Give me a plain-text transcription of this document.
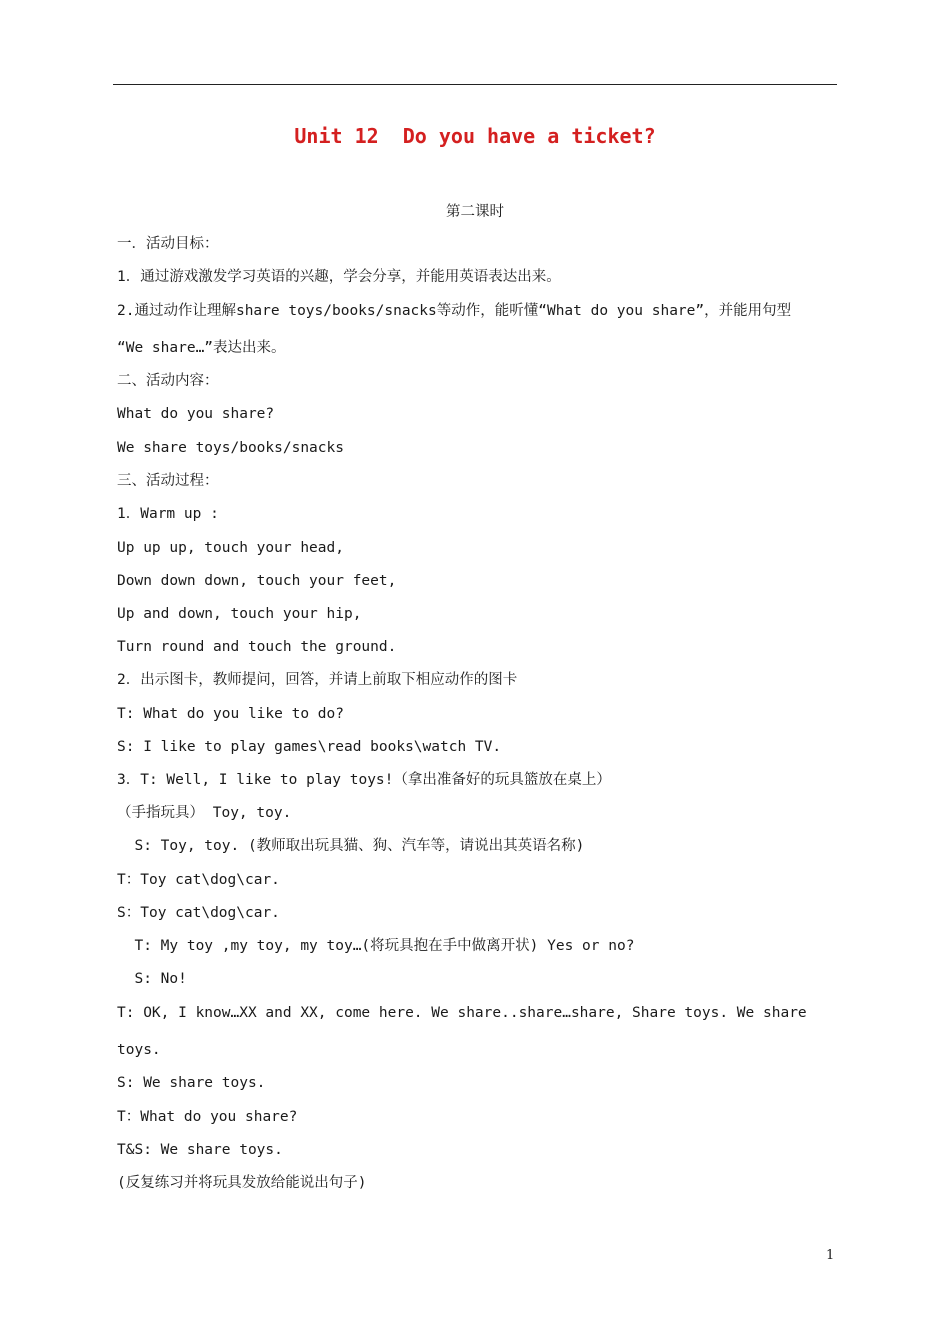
Unit 12  Do you have a ticket?
第二课时
一．活动目标：
1．通过游戏激发学习英语的兴趣，学会分享，并能用英语表达出来。
2.通过动作让理解share toys/books/snacks等动作，能听懂“What do you share”，并能用句型
“We share…”表达出来。
二、活动内容：
What do you share?
We share toys/books/snacks
三、活动过程：
1．Warm up :
Up up up, touch your head,
Down down down, touch your feet,
Up and down, touch your hip,
Turn round and touch the ground.
2．出示图卡，教师提问，回答，并请上前取下相应动作的图卡
T: What do you like to do?
S: I like to play games\read books\watch TV.
3．T: Well, I like to play toys!（拿出准备好的玩具篮放在桌上）
（手指玩具） Toy, toy.
S: Toy, toy. (教师取出玩具猫、狗、汽车等，请说出其英语名称)
T：Toy cat\dog\car.
S：Toy cat\dog\car.
T: My toy ,my toy, my toy…(将玩具抱在手中做离开状) Yes or no?
S: No!
T: OK, I know…XX and XX, come here. We share..share…share, Share toys. We share
toys.
S: We share toys.
T：What do you share?
T&S: We share toys.
(反复练习并将玩具发放给能说出句子)
1
